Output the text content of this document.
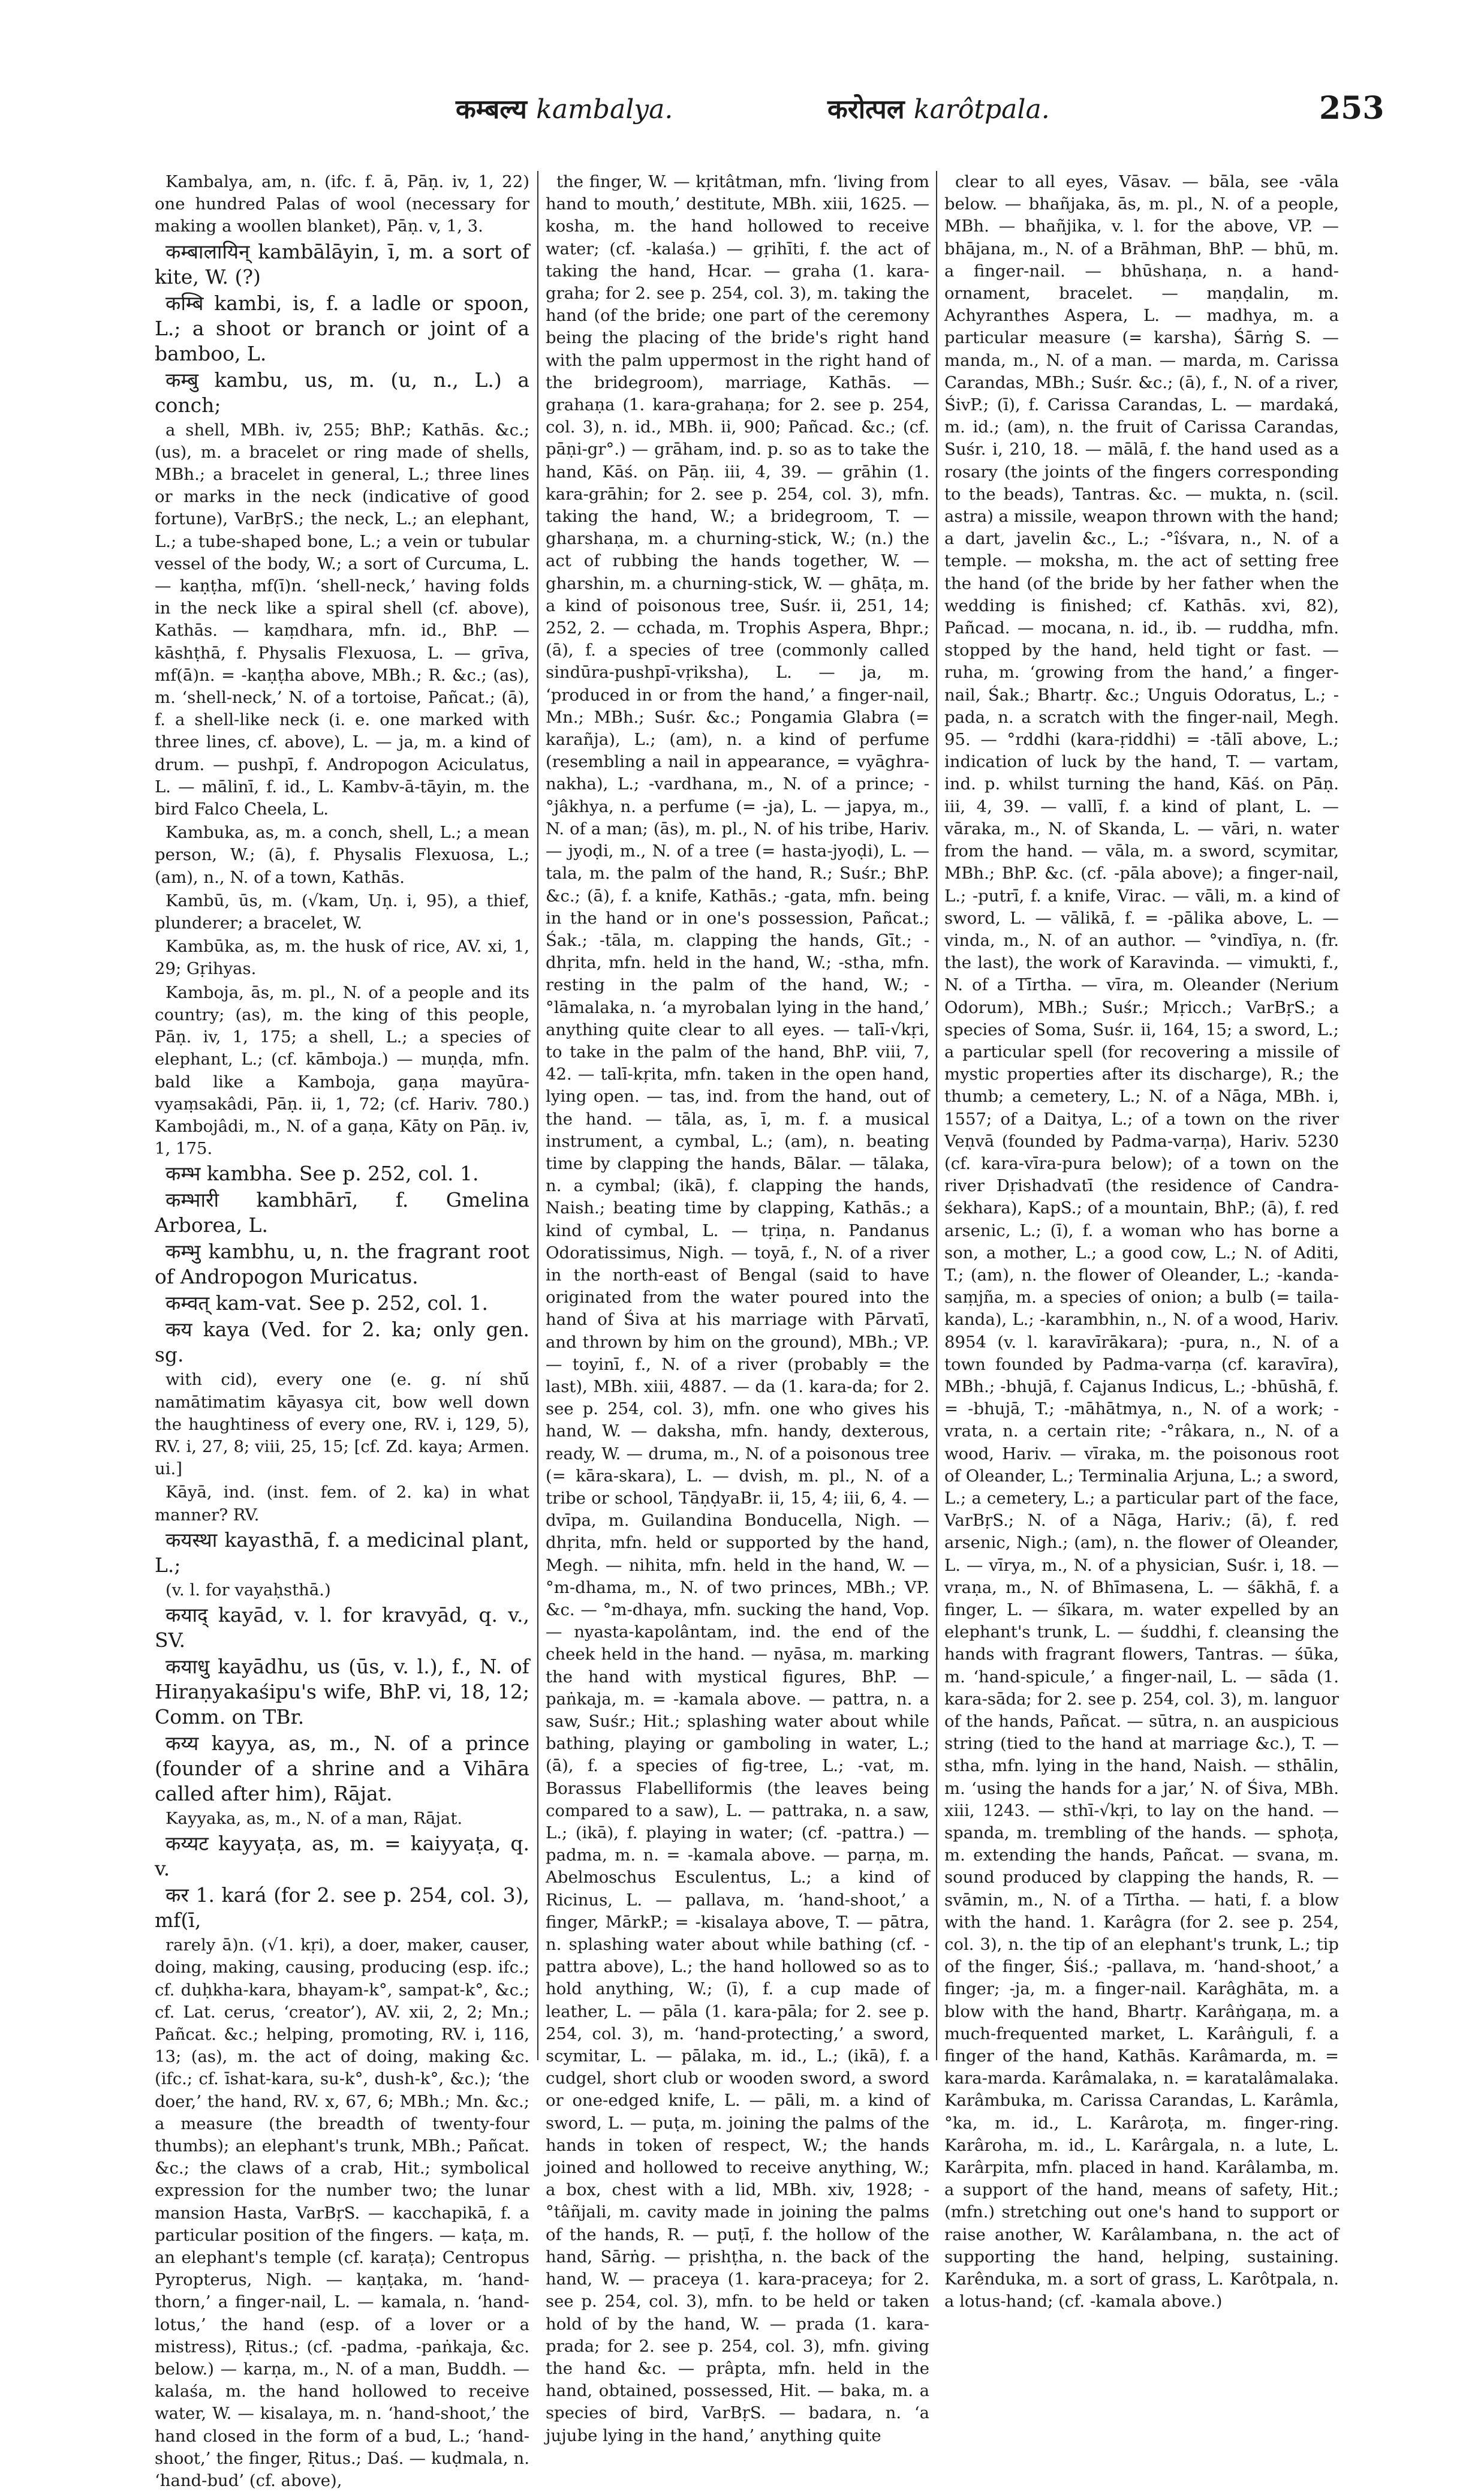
कम्बल्य kambalya.	करोत्पल karôtpala.	253

Kambalya, am, n. (ifc. f. ā, Pāṇ. iv, 1, 22) one hundred Palas of wool (necessary for making a woollen blanket), Pāṇ. v, 1, 3.

कम्बालायिन् kambālāyin, ī, m. a sort of kite, W. (?)

कम्बि kambi, is, f. a ladle or spoon, L.; a shoot or branch or joint of a bamboo, L.

कम्बु kambu, us, m. (u, n., L.) a conch;

a shell, MBh. iv, 255; BhP.; Kathās. &c.; (us), m. a bracelet or ring made of shells, MBh.; a bracelet in general, L.; three lines or marks in the neck (indicative of good fortune), VarBṛS.; the neck, L.; an elephant, L.; a tube-shaped bone, L.; a vein or tubular vessel of the body, W.; a sort of Curcuma, L. — kaṇṭha, mf(ī)n. ‘shell-neck,’ having folds in the neck like a spiral shell (cf. above), Kathās. — kaṃdhara, mfn. id., BhP. — kāshṭhā, f. Physalis Flexuosa, L. — grīva, mf(ā)n. = -kaṇṭha above, MBh.; R. &c.; (as), m. ‘shell-neck,’ N. of a tortoise, Pañcat.; (ā), f. a shell-like neck (i. e. one marked with three lines, cf. above), L. — ja, m. a kind of drum. — pushpī, f. Andropogon Aciculatus, L. — mālinī, f. id., L. Kambv-ā-tāyin, m. the bird Falco Cheela, L.

Kambuka, as, m. a conch, shell, L.; a mean person, W.; (ā), f. Physalis Flexuosa, L.; (am), n., N. of a town, Kathās.

Kambū, ūs, m. (√kam, Uṇ. i, 95), a thief, plunderer; a bracelet, W.

Kambūka, as, m. the husk of rice, AV. xi, 1, 29; Gṛihyas.

Kamboja, ās, m. pl., N. of a people and its country; (as), m. the king of this people, Pāṇ. iv, 1, 175; a shell, L.; a species of elephant, L.; (cf. kāmboja.) — muṇḍa, mfn. bald like a Kamboja, gaṇa mayūra-vyaṃsakâdi, Pāṇ. ii, 1, 72; (cf. Hariv. 780.) Kambojâdi, m., N. of a gaṇa, Kāty on Pāṇ. iv, 1, 175.

कम्भ kambha. See p. 252, col. 1.

कम्भारी kambhārī, f. Gmelina Arborea, L.

कम्भु kambhu, u, n. the fragrant root of Andropogon Muricatus.

कम्वत् kam-vat. See p. 252, col. 1.

कय kaya (Ved. for 2. ka; only gen. sg.

with cid), every one (e. g. ní shū́ namātimatim kāyasya cit, bow well down the haughtiness of every one, RV. i, 129, 5), RV. i, 27, 8; viii, 25, 15; [cf. Zd. kaya; Armen. ui.]

Kāyā, ind. (inst. fem. of 2. ka) in what manner? RV.

कयस्था kayasthā, f. a medicinal plant, L.;

(v. l. for vayaḥsthā.)

कयाद् kayād, v. l. for kravyād, q. v., SV.

कयाधु kayādhu, us (ūs, v. l.), f., N. of Hiraṇyakaśipu's wife, BhP. vi, 18, 12; Comm. on TBr.

कय्य kayya, as, m., N. of a prince (founder of a shrine and a Vihāra called after him), Rājat.

Kayyaka, as, m., N. of a man, Rājat.

कय्यट kayyaṭa, as, m. = kaiyyaṭa, q. v.

कर 1. kará (for 2. see p. 254, col. 3), mf(ī,

rarely ā)n. (√1. kṛi), a doer, maker, causer, doing, making, causing, producing (esp. ifc.; cf. duḥkha-kara, bhayam-k°, sampat-k°, &c.; cf. Lat. cerus, ‘creator’), AV. xii, 2, 2; Mn.; Pañcat. &c.; helping, promoting, RV. i, 116, 13; (as), m. the act of doing, making &c. (ifc.; cf. īshat-kara, su-k°, dush-k°, &c.); ‘the doer,’ the hand, RV. x, 67, 6; MBh.; Mn. &c.; a measure (the breadth of twenty-four thumbs); an elephant's trunk, MBh.; Pañcat. &c.; the claws of a crab, Hit.; symbolical expression for the number two; the lunar mansion Hasta, VarBṛS. — kacchapikā, f. a particular position of the fingers. — kaṭa, m. an elephant's temple (cf. karaṭa); Centropus Pyropterus, Nigh. — kaṇṭaka, m. ‘hand-thorn,’ a finger-nail, L. — kamala, n. ‘hand-lotus,’ the hand (esp. of a lover or a mistress), Ṛitus.; (cf. -padma, -paṅkaja, &c. below.) — karṇa, m., N. of a man, Buddh. — kalaśa, m. the hand hollowed to receive water, W. — kisalaya, m. n. ‘hand-shoot,’ the hand closed in the form of a bud, L.; ‘hand-shoot,’ the finger, Ṛitus.; Daś. — kuḍmala, n. ‘hand-bud’ (cf. above),

the finger, W. — kṛitâtman, mfn. ‘living from hand to mouth,’ destitute, MBh. xiii, 1625. — kosha, m. the hand hollowed to receive water; (cf. -kalaśa.) — gṛihīti, f. the act of taking the hand, Hcar. — graha (1. kara-graha; for 2. see p. 254, col. 3), m. taking the hand (of the bride; one part of the ceremony being the placing of the bride's right hand with the palm uppermost in the right hand of the bridegroom), marriage, Kathās. — grahaṇa (1. kara-grahaṇa; for 2. see p. 254, col. 3), n. id., MBh. ii, 900; Pañcad. &c.; (cf. pāṇi-gr°.) — grāham, ind. p. so as to take the hand, Kāś. on Pāṇ. iii, 4, 39. — grāhin (1. kara-grāhin; for 2. see p. 254, col. 3), mfn. taking the hand, W.; a bridegroom, T. — gharshaṇa, m. a churning-stick, W.; (n.) the act of rubbing the hands together, W. — gharshin, m. a churning-stick, W. — ghāṭa, m. a kind of poisonous tree, Suśr. ii, 251, 14; 252, 2. — cchada, m. Trophis Aspera, Bhpr.; (ā), f. a species of tree (commonly called sindūra-pushpī-vṛiksha), L. — ja, m. ‘produced in or from the hand,’ a finger-nail, Mn.; MBh.; Suśr. &c.; Pongamia Glabra (= karañja), L.; (am), n. a kind of perfume (resembling a nail in appearance, = vyāghra-nakha), L.; -vardhana, m., N. of a prince; -°jâkhya, n. a perfume (= -ja), L. — japya, m., N. of a man; (ās), m. pl., N. of his tribe, Hariv. — jyoḍi, m., N. of a tree (= hasta-jyoḍi), L. — tala, m. the palm of the hand, R.; Suśr.; BhP. &c.; (ā), f. a knife, Kathās.; -gata, mfn. being in the hand or in one's possession, Pañcat.; Śak.; -tāla, m. clapping the hands, Gīt.; -dhṛita, mfn. held in the hand, W.; -stha, mfn. resting in the palm of the hand, W.; -°lāmalaka, n. ‘a myrobalan lying in the hand,’ anything quite clear to all eyes. — talī-√kṛi, to take in the palm of the hand, BhP. viii, 7, 42. — talī-kṛita, mfn. taken in the open hand, lying open. — tas, ind. from the hand, out of the hand. — tāla, as, ī, m. f. a musical instrument, a cymbal, L.; (am), n. beating time by clapping the hands, Bālar. — tālaka, n. a cymbal; (ikā), f. clapping the hands, Naish.; beating time by clapping, Kathās.; a kind of cymbal, L. — tṛiṇa, n. Pandanus Odoratissimus, Nigh. — toyā, f., N. of a river in the north-east of Bengal (said to have originated from the water poured into the hand of Śiva at his marriage with Pārvatī, and thrown by him on the ground), MBh.; VP. — toyinī, f., N. of a river (probably = the last), MBh. xiii, 4887. — da (1. kara-da; for 2. see p. 254, col. 3), mfn. one who gives his hand, W. — daksha, mfn. handy, dexterous, ready, W. — druma, m., N. of a poisonous tree (= kāra-skara), L. — dvish, m. pl., N. of a tribe or school, TāṇḍyaBr. ii, 15, 4; iii, 6, 4. — dvīpa, m. Guilandina Bonducella, Nigh. — dhṛita, mfn. held or supported by the hand, Megh. — nihita, mfn. held in the hand, W. — °m-dhama, m., N. of two princes, MBh.; VP. &c. — °m-dhaya, mfn. sucking the hand, Vop. — nyasta-kapolântam, ind. the end of the cheek held in the hand. — nyāsa, m. marking the hand with mystical figures, BhP. — paṅkaja, m. = -kamala above. — pattra, n. a saw, Suśr.; Hit.; splashing water about while bathing, playing or gamboling in water, L.; (ā), f. a species of fig-tree, L.; -vat, m. Borassus Flabelliformis (the leaves being compared to a saw), L. — pattraka, n. a saw, L.; (ikā), f. playing in water; (cf. -pattra.) — padma, m. n. = -kamala above. — parṇa, m. Abelmoschus Esculentus, L.; a kind of Ricinus, L. — pallava, m. ‘hand-shoot,’ a finger, MārkP.; = -kisalaya above, T. — pātra, n. splashing water about while bathing (cf. -pattra above), L.; the hand hollowed so as to hold anything, W.; (ī), f. a cup made of leather, L. — pāla (1. kara-pāla; for 2. see p. 254, col. 3), m. ‘hand-protecting,’ a sword, scymitar, L. — pālaka, m. id., L.; (ikā), f. a cudgel, short club or wooden sword, a sword or one-edged knife, L. — pāli, m. a kind of sword, L. — puṭa, m. joining the palms of the hands in token of respect, W.; the hands joined and hollowed to receive anything, W.; a box, chest with a lid, MBh. xiv, 1928; -°tâñjali, m. cavity made in joining the palms of the hands, R. — puṭī, f. the hollow of the hand, Sārṅg. — pṛishṭha, n. the back of the hand, W. — praceya (1. kara-praceya; for 2. see p. 254, col. 3), mfn. to be held or taken hold of by the hand, W. — prada (1. kara-prada; for 2. see p. 254, col. 3), mfn. giving the hand &c. — prâpta, mfn. held in the hand, obtained, possessed, Hit. — baka, m. a species of bird, VarBṛS. — badara, n. ‘a jujube lying in the hand,’ anything quite

clear to all eyes, Vāsav. — bāla, see -vāla below. — bhañjaka, ās, m. pl., N. of a people, MBh. — bhañjika, v. l. for the above, VP. — bhājana, m., N. of a Brāhman, BhP. — bhū, m. a finger-nail. — bhūshaṇa, n. a hand-ornament, bracelet. — maṇḍalin, m. Achyranthes Aspera, L. — madhya, m. a particular measure (= karsha), Śārṅg S. — manda, m., N. of a man. — marda, m. Carissa Carandas, MBh.; Suśr. &c.; (ā), f., N. of a river, ŚivP.; (ī), f. Carissa Carandas, L. — mardaká, m. id.; (am), n. the fruit of Carissa Carandas, Suśr. i, 210, 18. — mālā, f. the hand used as a rosary (the joints of the fingers corresponding to the beads), Tantras. &c. — mukta, n. (scil. astra) a missile, weapon thrown with the hand; a dart, javelin &c., L.; -°îśvara, n., N. of a temple. — moksha, m. the act of setting free the hand (of the bride by her father when the wedding is finished; cf. Kathās. xvi, 82), Pañcad. — mocana, n. id., ib. — ruddha, mfn. stopped by the hand, held tight or fast. — ruha, m. ‘growing from the hand,’ a finger-nail, Śak.; Bhartṛ. &c.; Unguis Odoratus, L.; -pada, n. a scratch with the finger-nail, Megh. 95. — °rddhi (kara-ṛiddhi) = -tālī above, L.; indication of luck by the hand, T. — vartam, ind. p. whilst turning the hand, Kāś. on Pāṇ. iii, 4, 39. — vallī, f. a kind of plant, L. — vāraka, m., N. of Skanda, L. — vāri, n. water from the hand. — vāla, m. a sword, scymitar, MBh.; BhP. &c. (cf. -pāla above); a finger-nail, L.; -putrī, f. a knife, Virac. — vāli, m. a kind of sword, L. — vālikā, f. = -pālika above, L. — vinda, m., N. of an author. — °vindīya, n. (fr. the last), the work of Karavinda. — vimukti, f., N. of a Tīrtha. — vīra, m. Oleander (Nerium Odorum), MBh.; Suśr.; Mṛicch.; VarBṛS.; a species of Soma, Suśr. ii, 164, 15; a sword, L.; a particular spell (for recovering a missile of mystic properties after its discharge), R.; the thumb; a cemetery, L.; N. of a Nāga, MBh. i, 1557; of a Daitya, L.; of a town on the river Veṇvā (founded by Padma-varṇa), Hariv. 5230 (cf. kara-vīra-pura below); of a town on the river Dṛishadvatī (the residence of Candra-śekhara), KapS.; of a mountain, BhP.; (ā), f. red arsenic, L.; (ī), f. a woman who has borne a son, a mother, L.; a good cow, L.; N. of Aditi, T.; (am), n. the flower of Oleander, L.; -kanda-saṃjña, m. a species of onion; a bulb (= taila-kanda), L.; -karambhin, n., N. of a wood, Hariv. 8954 (v. l. karavīrākara); -pura, n., N. of a town founded by Padma-varṇa (cf. karavīra), MBh.; -bhujā, f. Cajanus Indicus, L.; -bhūshā, f. = -bhujā, T.; -māhātmya, n., N. of a work; -vrata, n. a certain rite; -°râkara, n., N. of a wood, Hariv. — vīraka, m. the poisonous root of Oleander, L.; Terminalia Arjuna, L.; a sword, L.; a cemetery, L.; a particular part of the face, VarBṛS.; N. of a Nāga, Hariv.; (ā), f. red arsenic, Nigh.; (am), n. the flower of Oleander, L. — vīrya, m., N. of a physician, Suśr. i, 18. — vraṇa, m., N. of Bhīmasena, L. — śākhā, f. a finger, L. — śīkara, m. water expelled by an elephant's trunk, L. — śuddhi, f. cleansing the hands with fragrant flowers, Tantras. — śūka, m. ‘hand-spicule,’ a finger-nail, L. — sāda (1. kara-sāda; for 2. see p. 254, col. 3), m. languor of the hands, Pañcat. — sūtra, n. an auspicious string (tied to the hand at marriage &c.), T. — stha, mfn. lying in the hand, Naish. — sthālin, m. ‘using the hands for a jar,’ N. of Śiva, MBh. xiii, 1243. — sthī-√kṛi, to lay on the hand. — spanda, m. trembling of the hands. — sphoṭa, m. extending the hands, Pañcat. — svana, m. sound produced by clapping the hands, R. — svāmin, m., N. of a Tīrtha. — hati, f. a blow with the hand. 1. Karâgra (for 2. see p. 254, col. 3), n. the tip of an elephant's trunk, L.; tip of the finger, Śiś.; -pallava, m. ‘hand-shoot,’ a finger; -ja, m. a finger-nail. Karâghāta, m. a blow with the hand, Bhartṛ. Karâṅgaṇa, m. a much-frequented market, L. Karâṅguli, f. a finger of the hand, Kathās. Karâmarda, m. = kara-marda. Karâmalaka, n. = karatalâmalaka. Karâmbuka, m. Carissa Carandas, L. Karâmla, °ka, m. id., L. Karâroṭa, m. finger-ring. Karâroha, m. id., L. Karârgala, n. a lute, L. Karârpita, mfn. placed in hand. Karâlamba, m. a support of the hand, means of safety, Hit.; (mfn.) stretching out one's hand to support or raise another, W. Karâlambana, n. the act of supporting the hand, helping, sustaining. Karênduka, m. a sort of grass, L. Karôtpala, n. a lotus-hand; (cf. -kamala above.)
